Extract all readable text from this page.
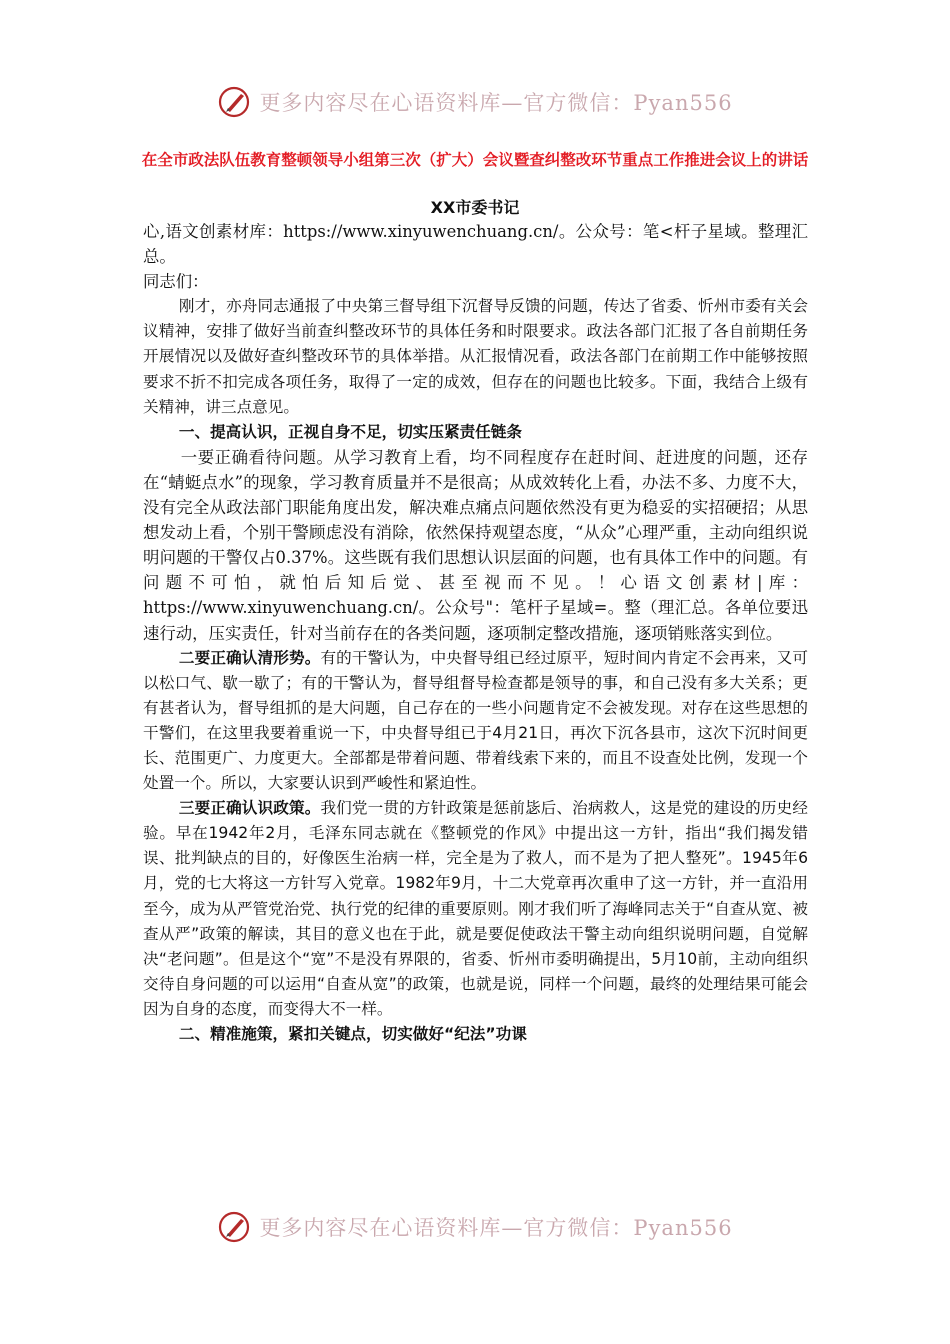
更多内容尽在心语资料库—官方微信：Pyan556
在全市政法队伍教育整顿领导小组第三次（扩大）会议暨查纠整改环节重点工作推进会议上的讲话
XX市委书记

心,语文创素材库：https://www.xinyuwenchuang.cn/。公众号：笔<杆子星域。整理汇总。

同志们：

刚才，亦舟同志通报了中央第三督导组下沉督导反馈的问题，传达了省委、忻州市委有关会议精神，安排了做好当前查纠整改环节的具体任务和时限要求。政法各部门汇报了各自前期任务开展情况以及做好查纠整改环节的具体举措。从汇报情况看，政法各部门在前期工作中能够按照要求不折不扣完成各项任务，取得了一定的成效，但存在的问题也比较多。下面，我结合上级有关精神，讲三点意见。

一、提高认识，正视自身不足，切实压紧责任链条

一要正确看待问题。从学习教育上看，均不同程度存在赶时间、赶进度的问题，还存在“蜻蜓点水”的现象，学习教育质量并不是很高；从成效转化上看，办法不多、力度不大，没有完全从政法部门职能角度出发，解决难点痛点问题依然没有更为稳妥的实招硬招；从思想发动上看，个别干警顾虑没有消除，依然保持观望态度，“从众”心理严重，主动向组织说明问题的干警仅占0.37%。这些既有我们思想认识层面的问题，也有具体工作中的问题。有问题不可怕，就怕后知后觉、甚至视而不见。！心语文创素材|库：https://www.xinyuwenchuang.cn/。公众号"：笔杆子星域=。整（理汇总。各单位要迅速行动，压实责任，针对当前存在的各类问题，逐项制定整改措施，逐项销账落实到位。

二要正确认清形势。有的干警认为，中央督导组已经过原平，短时间内肯定不会再来，又可以松口气、歇一歇了；有的干警认为，督导组督导检查都是领导的事，和自己没有多大关系；更有甚者认为，督导组抓的是大问题，自己存在的一些小问题肯定不会被发现。对存在这些思想的干警们，在这里我要着重说一下，中央督导组已于4月21日，再次下沉各县市，这次下沉时间更长、范围更广、力度更大。全部都是带着问题、带着线索下来的，而且不设查处比例，发现一个处置一个。所以，大家要认识到严峻性和紧迫性。

三要正确认识政策。我们党一贯的方针政策是惩前毖后、治病救人，这是党的建设的历史经验。早在1942年2月，毛泽东同志就在《整顿党的作风》中提出这一方针，指出“我们揭发错误、批判缺点的目的，好像医生治病一样，完全是为了救人，而不是为了把人整死”。1945年6月，党的七大将这一方针写入党章。1982年9月，十二大党章再次重申了这一方针，并一直沿用至今，成为从严管党治党、执行党的纪律的重要原则。刚才我们听了海峰同志关于“自查从宽、被查从严”政策的解读，其目的意义也在于此，就是要促使政法干警主动向组织说明问题，自觉解决“老问题”。但是这个“宽”不是没有界限的，省委、忻州市委明确提出，5月10前，主动向组织交待自身问题的可以运用“自查从宽”的政策，也就是说，同样一个问题，最终的处理结果可能会因为自身的态度，而变得大不一样。

二、精准施策，紧扣关键点，切实做好“纪法”功课

更多内容尽在心语资料库—官方微信：Pyan556
